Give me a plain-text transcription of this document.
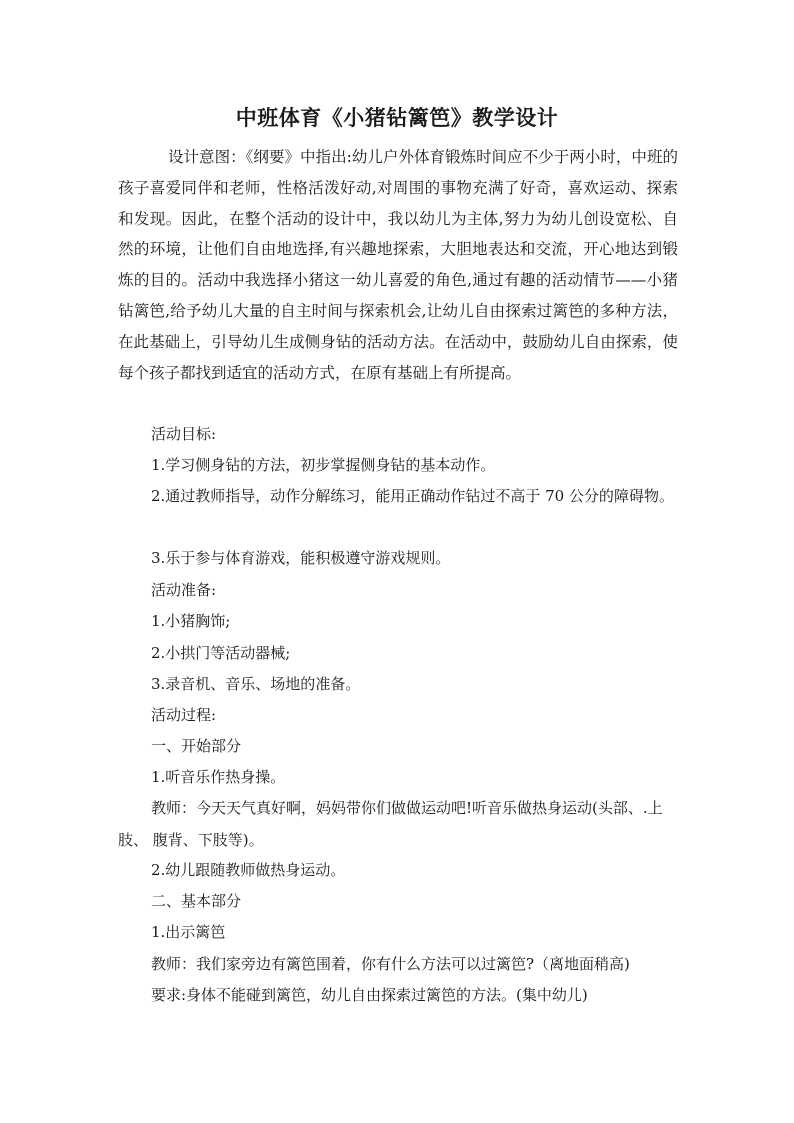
中班体育《小猪钻篱笆》教学设计

设计意图：《纲要》中指出:幼儿户外体育锻炼时间应不少于两小时，中班的孩子喜爱同伴和老师，性格活泼好动,对周围的事物充满了好奇，喜欢运动、探索和发现。因此，在整个活动的设计中，我以幼儿为主体,努力为幼儿创设宽松、自然的环境，让他们自由地选择,有兴趣地探索，大胆地表达和交流，开心地达到锻炼的目的。活动中我选择小猪这一幼儿喜爱的角色,通过有趣的活动情节——小猪钻篱笆,给予幼儿大量的自主时间与探索机会,让幼儿自由探索过篱笆的多种方法，在此基础上，引导幼儿生成侧身钻的活动方法。在活动中，鼓励幼儿自由探索，使每个孩子都找到适宜的活动方式，在原有基础上有所提高。

活动目标:

1.学习侧身钻的方法，初步掌握侧身钻的基本动作。

2.通过教师指导，动作分解练习，能用正确动作钻过不高于 70 公分的障碍物。

3.乐于参与体育游戏，能积极遵守游戏规则。

活动准备:

1.小猪胸饰;

2.小拱门等活动器械;

3.录音机、音乐、场地的准备。

活动过程:

一、开始部分

1.听音乐作热身操。

教师：今天天气真好啊，妈妈带你们做做运动吧!听音乐做热身运动(头部、.上肢、 腹背、下肢等)。

2.幼儿跟随教师做热身运动。

二、基本部分

1.出示篱笆

教师：我们家旁边有篱笆围着，你有什么方法可以过篱笆?（离地面稍高)

要求:身体不能碰到篱笆，幼儿自由探索过篱笆的方法。(集中幼儿)
